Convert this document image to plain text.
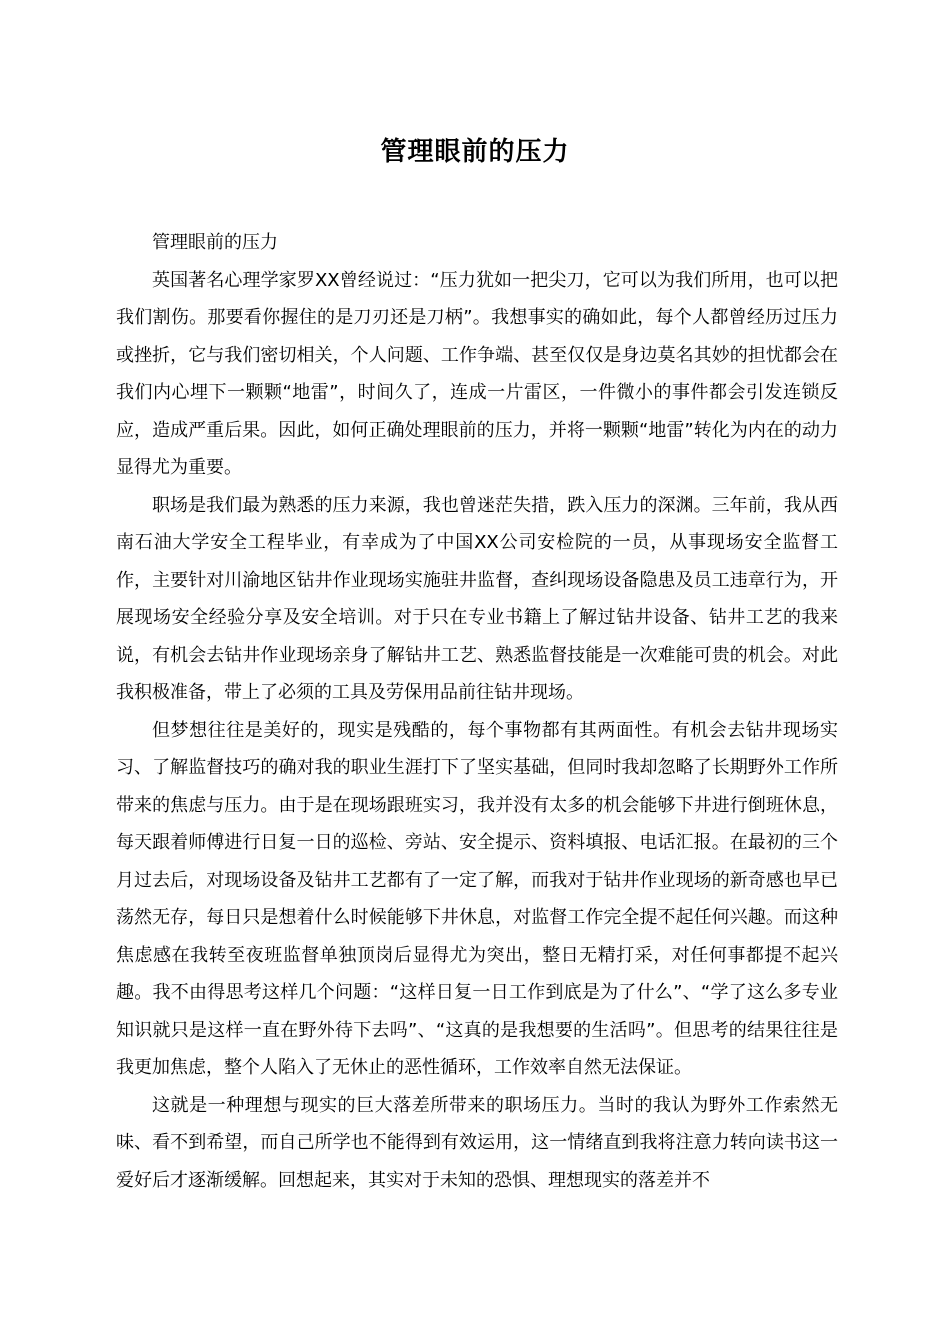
管理眼前的压力

管理眼前的压力

英国著名心理学家罗XX曾经说过：“压力犹如一把尖刀，它可以为我们所用，也可以把我们割伤。那要看你握住的是刀刃还是刀柄”。我想事实的确如此，每个人都曾经历过压力或挫折，它与我们密切相关，个人问题、工作争端、甚至仅仅是身边莫名其妙的担忧都会在我们内心埋下一颗颗“地雷”，时间久了，连成一片雷区，一件微小的事件都会引发连锁反应，造成严重后果。因此，如何正确处理眼前的压力，并将一颗颗“地雷”转化为内在的动力显得尤为重要。

职场是我们最为熟悉的压力来源，我也曾迷茫失措，跌入压力的深渊。三年前，我从西南石油大学安全工程毕业，有幸成为了中国XX公司安检院的一员，从事现场安全监督工作，主要针对川渝地区钻井作业现场实施驻井监督，查纠现场设备隐患及员工违章行为，开展现场安全经验分享及安全培训。对于只在专业书籍上了解过钻井设备、钻井工艺的我来说，有机会去钻井作业现场亲身了解钻井工艺、熟悉监督技能是一次难能可贵的机会。对此我积极准备，带上了必须的工具及劳保用品前往钻井现场。

但梦想往往是美好的，现实是残酷的，每个事物都有其两面性。有机会去钻井现场实习、了解监督技巧的确对我的职业生涯打下了坚实基础，但同时我却忽略了长期野外工作所带来的焦虑与压力。由于是在现场跟班实习，我并没有太多的机会能够下井进行倒班休息，每天跟着师傅进行日复一日的巡检、旁站、安全提示、资料填报、电话汇报。在最初的三个月过去后，对现场设备及钻井工艺都有了一定了解，而我对于钻井作业现场的新奇感也早已荡然无存，每日只是想着什么时候能够下井休息，对监督工作完全提不起任何兴趣。而这种焦虑感在我转至夜班监督单独顶岗后显得尤为突出，整日无精打采，对任何事都提不起兴趣。我不由得思考这样几个问题：“这样日复一日工作到底是为了什么”、“学了这么多专业知识就只是这样一直在野外待下去吗”、“这真的是我想要的生活吗”。但思考的结果往往是我更加焦虑，整个人陷入了无休止的恶性循环，工作效率自然无法保证。

这就是一种理想与现实的巨大落差所带来的职场压力。当时的我认为野外工作索然无味、看不到希望，而自己所学也不能得到有效运用，这一情绪直到我将注意力转向读书这一爱好后才逐渐缓解。回想起来，其实对于未知的恐惧、理想现实的落差并不
